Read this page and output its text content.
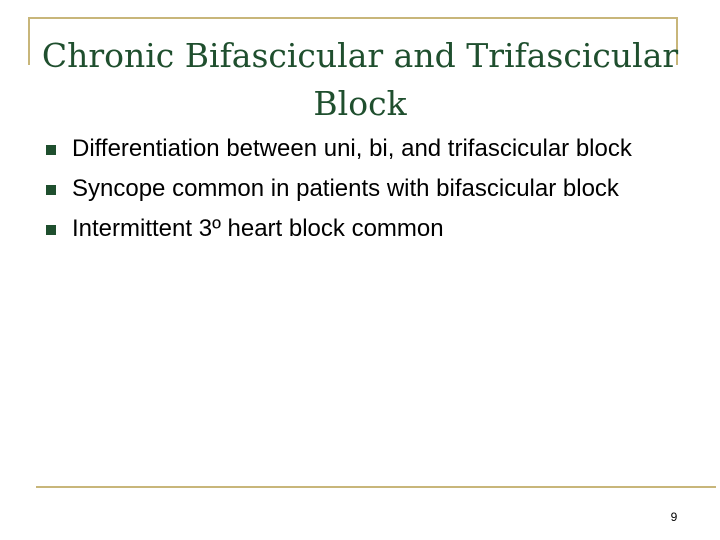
Chronic Bifascicular and Trifascicular Block
Differentiation between uni, bi, and trifascicular block
Syncope common in patients with bifascicular block
Intermittent 3º heart block common
9
